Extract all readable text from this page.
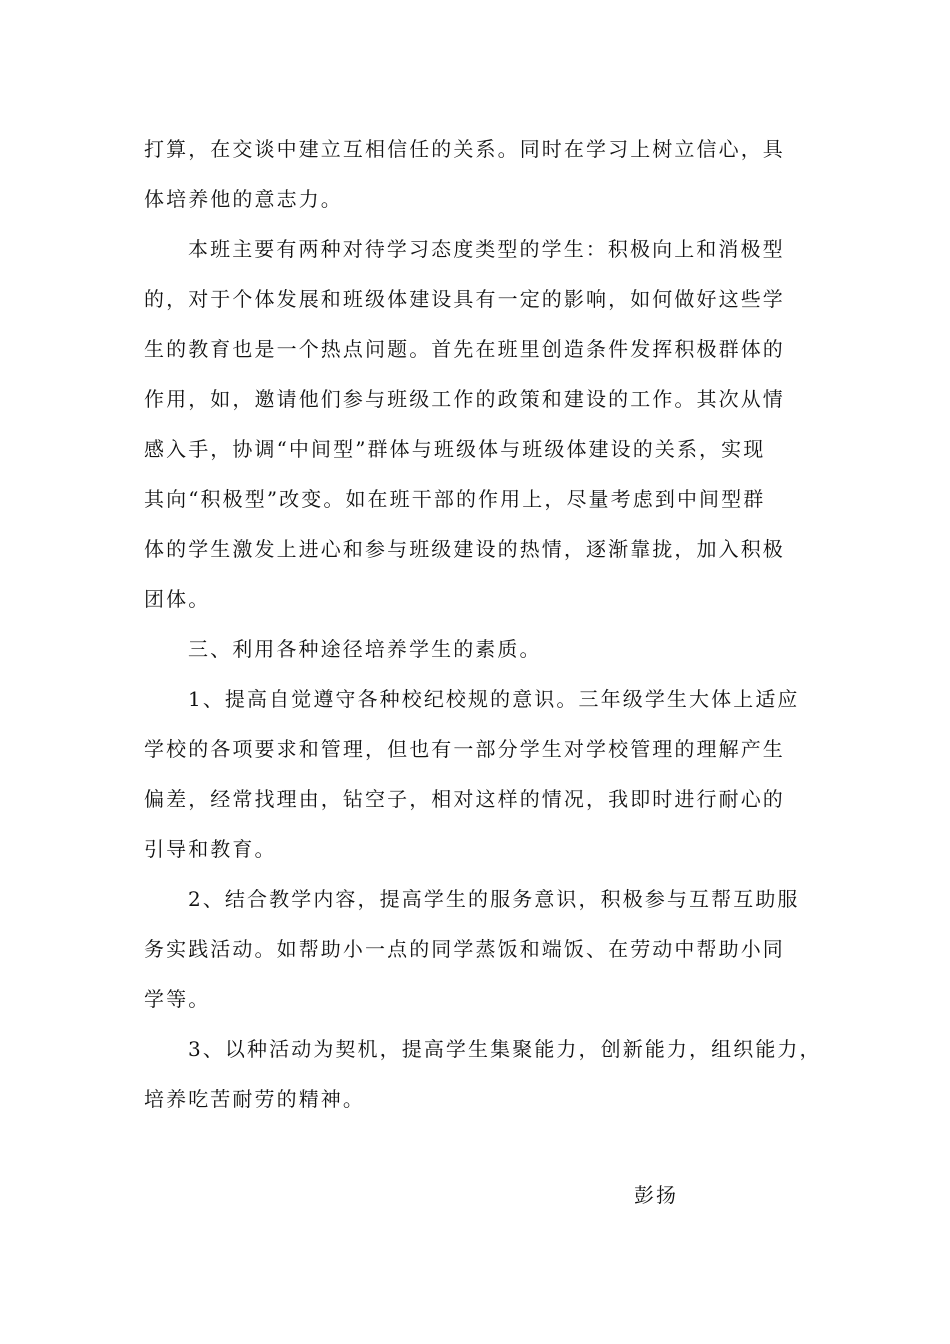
打算，在交谈中建立互相信任的关系。同时在学习上树立信心，具
体培养他的意志力。
本班主要有两种对待学习态度类型的学生：积极向上和消极型
的，对于个体发展和班级体建设具有一定的影响，如何做好这些学
生的教育也是一个热点问题。首先在班里创造条件发挥积极群体的
作用，如，邀请他们参与班级工作的政策和建设的工作。其次从情
感入手，协调“中间型”群体与班级体与班级体建设的关系，实现
其向“积极型”改变。如在班干部的作用上，尽量考虑到中间型群
体的学生激发上进心和参与班级建设的热情，逐渐靠拢，加入积极
团体。
三、利用各种途径培养学生的素质。
1、提高自觉遵守各种校纪校规的意识。三年级学生大体上适应
学校的各项要求和管理，但也有一部分学生对学校管理的理解产生
偏差，经常找理由，钻空子，相对这样的情况，我即时进行耐心的
引导和教育。
2、结合教学内容，提高学生的服务意识，积极参与互帮互助服
务实践活动。如帮助小一点的同学蒸饭和端饭、在劳动中帮助小同
学等。
3、以种活动为契机，提高学生集聚能力，创新能力，组织能力，
培养吃苦耐劳的精神。
彭扬
